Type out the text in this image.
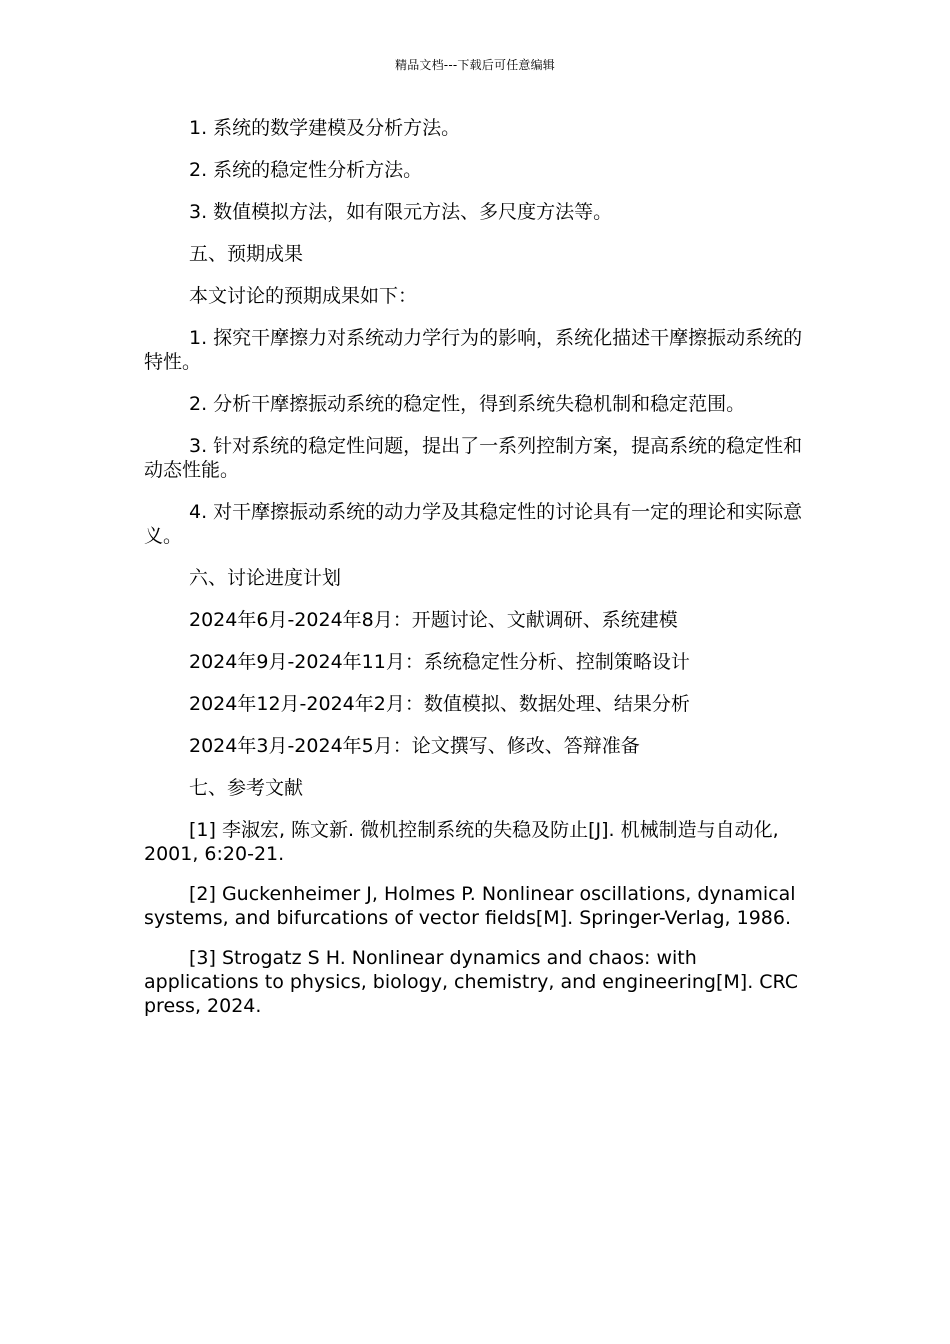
精品文档---下载后可任意编辑

1. 系统的数学建模及分析方法。

2. 系统的稳定性分析方法。

3. 数值模拟方法，如有限元方法、多尺度方法等。

五、预期成果

本文讨论的预期成果如下：

1. 探究干摩擦力对系统动力学行为的影响，系统化描述干摩擦振动系统的特性。

2. 分析干摩擦振动系统的稳定性，得到系统失稳机制和稳定范围。

3. 针对系统的稳定性问题，提出了一系列控制方案，提高系统的稳定性和动态性能。

4. 对干摩擦振动系统的动力学及其稳定性的讨论具有一定的理论和实际意义。

六、讨论进度计划

2024年6月-2024年8月：开题讨论、文献调研、系统建模

2024年9月-2024年11月：系统稳定性分析、控制策略设计

2024年12月-2024年2月：数值模拟、数据处理、结果分析

2024年3月-2024年5月：论文撰写、修改、答辩准备

七、参考文献

[1] 李淑宏, 陈文新. 微机控制系统的失稳及防止[J]. 机械制造与自动化, 2001, 6:20-21.

[2] Guckenheimer J, Holmes P. Nonlinear oscillations, dynamical systems, and bifurcations of vector fields[M]. Springer-Verlag, 1986.

[3] Strogatz S H. Nonlinear dynamics and chaos: with applications to physics, biology, chemistry, and engineering[M]. CRC press, 2024.
